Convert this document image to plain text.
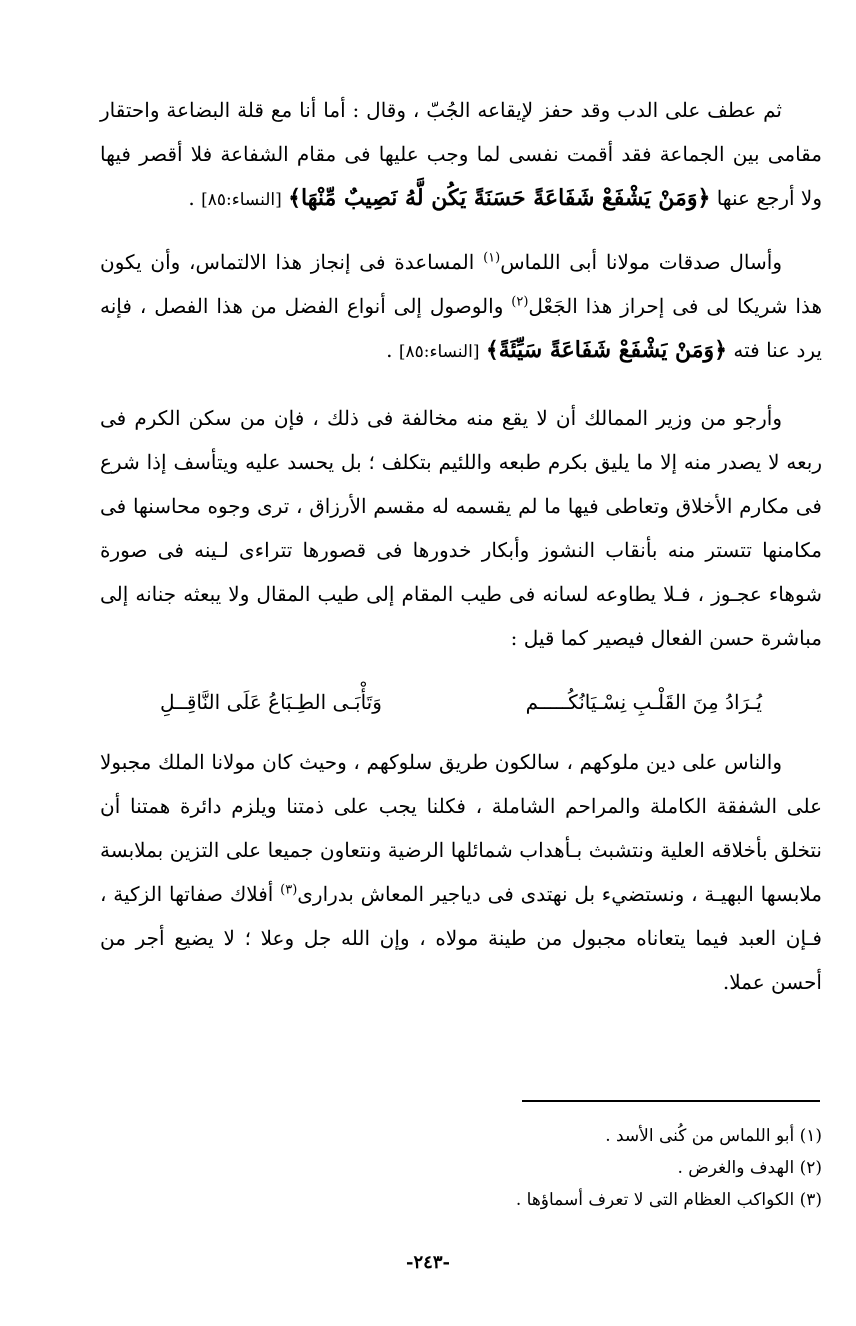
ثم عطف على الدب وقد حفز لإيقاعه الجُبّ ، وقال : أما أنا مع قلة البضاعة واحتقار مقامى بين الجماعة فقد أقمت نفسى لما وجب عليها فى مقام الشفاعة فلا أقصر فيها ولا أرجع عنها ﴿وَمَنْ يَشْفَعْ شَفَاعَةً حَسَنَةً يَكُن لَّهُ نَصِيبٌ مِّنْهَا﴾ [النساء:٨٥] .

وأسال صدقات مولانا أبى اللماس$^{(١)}$ المساعدة فى إنجاز هذا الالتماس، وأن يكون هذا شريكا لى فى إحراز هذا الجَعْل$^{(٢)}$ والوصول إلى أنواع الفضل من هذا الفصل ، فإنه يرد عنا فته ﴿وَمَنْ يَشْفَعْ شَفَاعَةً سَيِّئَةً﴾ [النساء:٨٥] .

وأرجو من وزير الممالك أن لا يقع منه مخالفة فى ذلك ، فإن من سكن الكرم فى ربعه لا يصدر منه إلا ما يليق بكرم طبعه واللئيم بتكلف ؛ بل يحسد عليه ويتأسف إذا شرع فى مكارم الأخلاق وتعاطى فيها ما لم يقسمه له مقسم الأرزاق ، ترى وجوه محاسنها فى مكامنها تتستر منه بأنقاب النشوز وأبكار خدورها فى قصورها تتراءى لـينه فى صورة شوهاء عجـوز ، فـلا يطاوعه لسانه فى طيب المقام إلى طيب المقال ولا يبعثه جنانه إلى مباشرة حسن الفعال فيصير كما قيل :

يُـرَادُ مِنَ القَلْـبِ نِسْـيَانُكُـــــم
وَتَأْبَـى الطِـبَاعُ عَلَى النَّاقِــلِ

والناس على دين ملوكهم ، سالكون طريق سلوكهم ، وحيث كان مولانا الملك مجبولا على الشفقة الكاملة والمراحم الشاملة ، فكلنا يجب على ذمتنا ويلزم دائرة همتنا أن نتخلق بأخلاقه العلية ونتشبث بـأهداب شمائلها الرضية ونتعاون جميعا على التزين بملابسة ملابسها البهيـة ، ونستضيء بل نهتدى فى دياجير المعاش بدرارى$^{(٣)}$ أفلاك صفاتها الزكية ، فـإن العبد فيما يتعاناه مجبول من طينة مولاه ، وإن الله جل وعلا ؛ لا يضيع أجر من أحسن عملا.

(١) أبو اللماس من كُنى الأسد .
(٢) الهدف والغرض .
(٣) الكواكب العظام التى لا تعرف أسماؤها .
-٢٤٣-
